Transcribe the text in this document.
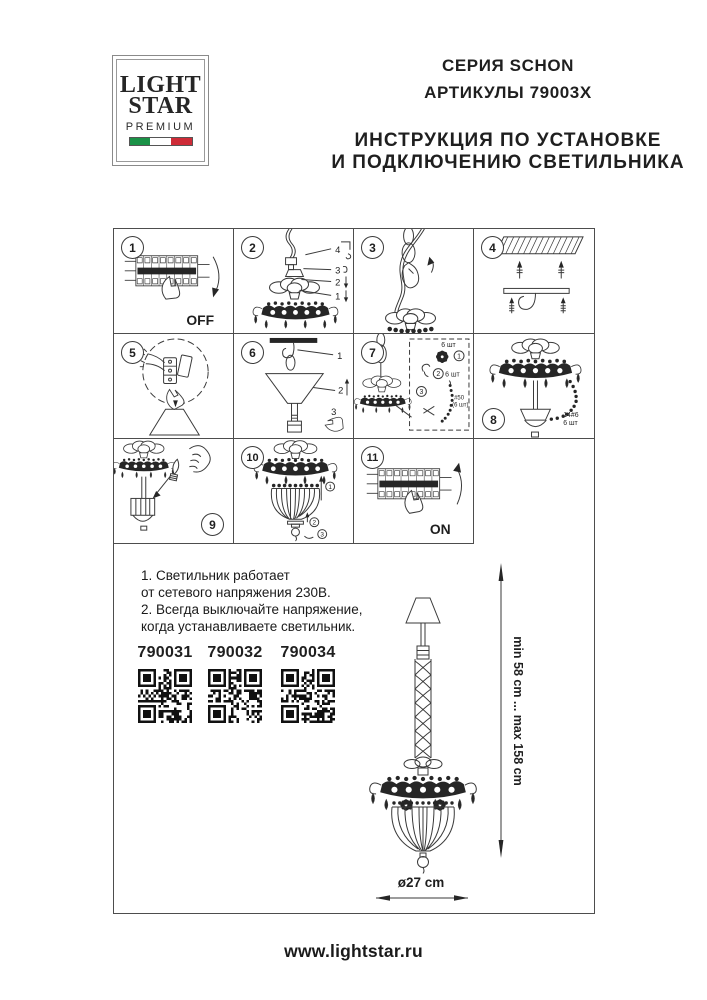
LIGHT
STAR
PREMIUM
СЕРИЯ SCHON
АРТИКУЛЫ 79003X
ИНСТРУКЦИЯ ПО УСТАНОВКЕ
И ПОДКЛЮЧЕНИЮ СВЕТИЛЬНИКА
1
OFF
2	4
3
2
1
3	4
5	6	1
2
3
7
6 шт
1
2 6 шт
3
#50
(6 шт)
8	14#6
6 шт
9
10
1
2
3
11
ON
1. Светильник работает
от сетевого напряжения 230В.
2. Всегда выключайте напряжение,
когда устанавливаете светильник.
790031 790032 790034	min 58 cm ... max 158 cm
ø27 cm
www.lightstar.ru
